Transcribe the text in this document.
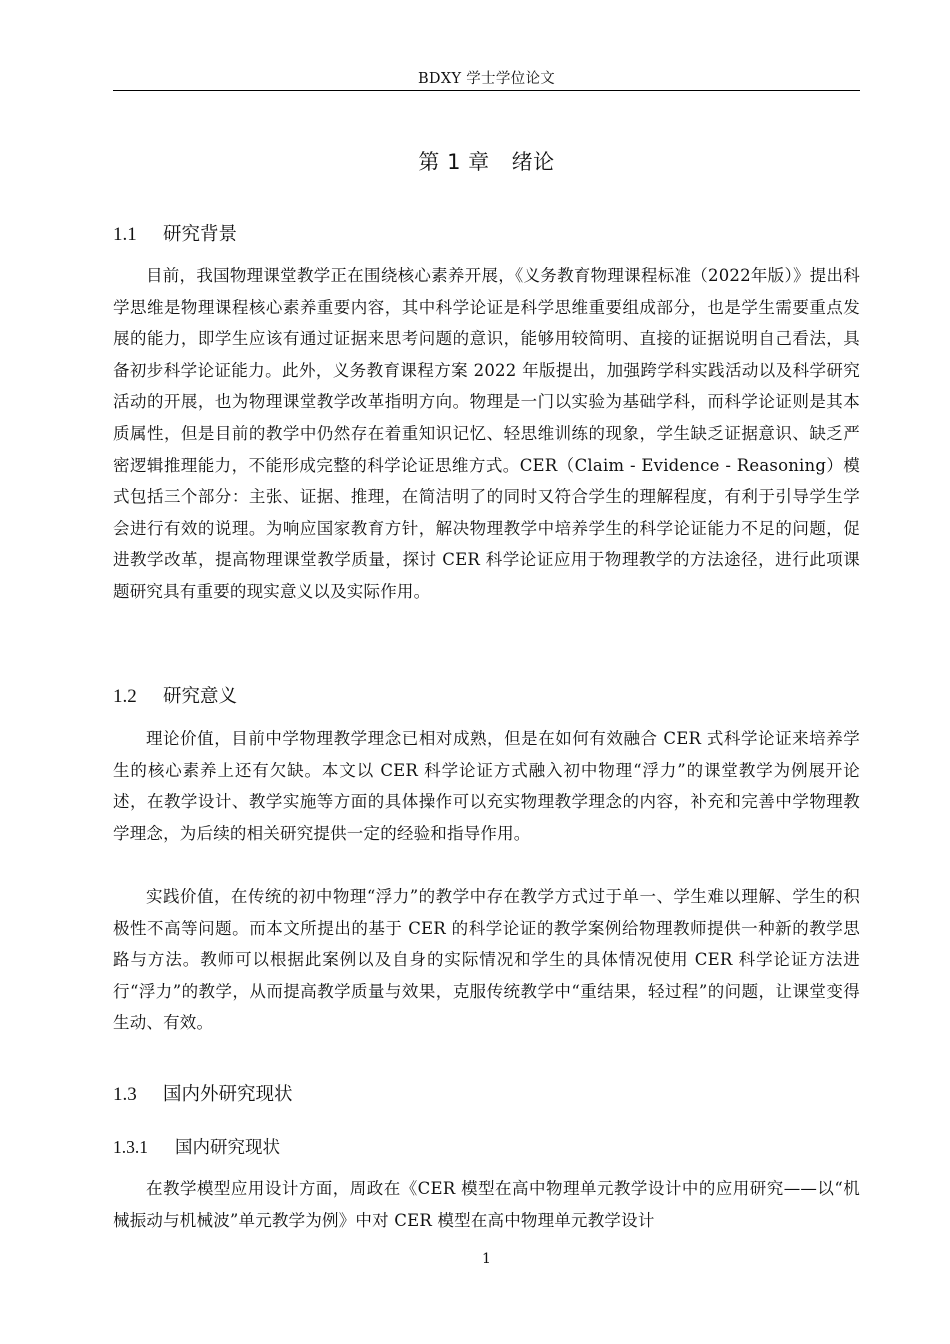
BDXY 学士学位论文
第 1 章 绪论
1.1 研究背景

目前，我国物理课堂教学正在围绕核心素养开展，《义务教育物理课程标准（2022年版）》提出科学思维是物理课程核心素养重要内容，其中科学论证是科学思维重要组成部分，也是学生需要重点发展的能力，即学生应该有通过证据来思考问题的意识，能够用较简明、直接的证据说明自己看法，具备初步科学论证能力。此外，义务教育课程方案 2022 年版提出，加强跨学科实践活动以及科学研究活动的开展，也为物理课堂教学改革指明方向。物理是一门以实验为基础学科，而科学论证则是其本质属性，但是目前的教学中仍然存在着重知识记忆、轻思维训练的现象，学生缺乏证据意识、缺乏严密逻辑推理能力，不能形成完整的科学论证思维方式。CER（Claim - Evidence - Reasoning）模式包括三个部分：主张、证据、推理，在简洁明了的同时又符合学生的理解程度，有利于引导学生学会进行有效的说理。为响应国家教育方针，解决物理教学中培养学生的科学论证能力不足的问题，促进教学改革，提高物理课堂教学质量，探讨 CER 科学论证应用于物理教学的方法途径，进行此项课题研究具有重要的现实意义以及实际作用。

1.2 研究意义

理论价值，目前中学物理教学理念已相对成熟，但是在如何有效融合 CER 式科学论证来培养学生的核心素养上还有欠缺。本文以 CER 科学论证方式融入初中物理“浮力”的课堂教学为例展开论述，在教学设计、教学实施等方面的具体操作可以充实物理教学理念的内容，补充和完善中学物理教学理念，为后续的相关研究提供一定的经验和指导作用。

实践价值，在传统的初中物理“浮力”的教学中存在教学方式过于单一、学生难以理解、学生的积极性不高等问题。而本文所提出的基于 CER 的科学论证的教学案例给物理教师提供一种新的教学思路与方法。教师可以根据此案例以及自身的实际情况和学生的具体情况使用 CER 科学论证方法进行“浮力”的教学，从而提高教学质量与效果，克服传统教学中“重结果，轻过程”的问题，让课堂变得生动、有效。

1.3 国内外研究现状
1.3.1 国内研究现状

在教学模型应用设计方面，周政在《CER 模型在高中物理单元教学设计中的应用研究——以“机械振动与机械波”单元教学为例》中对 CER 模型在高中物理单元教学设计

1
